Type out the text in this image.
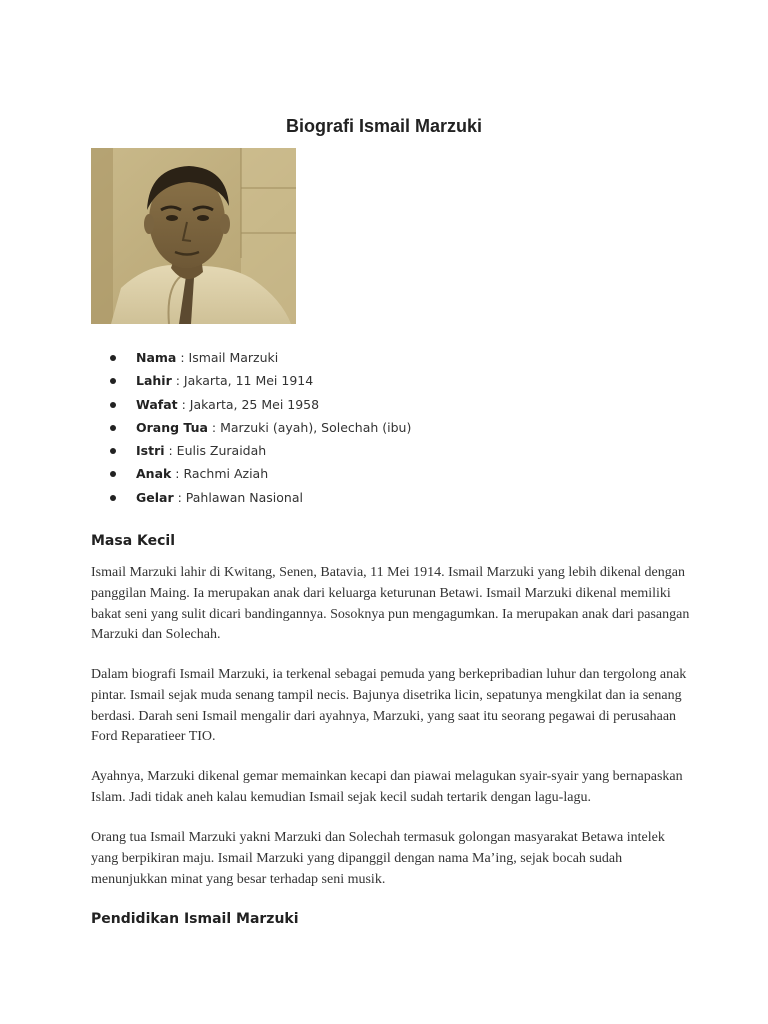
Biografi Ismail Marzuki
Nama : Ismail Marzuki
Lahir : Jakarta, 11 Mei 1914
Wafat : Jakarta, 25 Mei 1958
Orang Tua : Marzuki (ayah), Solechah (ibu)
Istri : Eulis Zuraidah
Anak : Rachmi Aziah
Gelar : Pahlawan Nasional
Masa Kecil

Ismail Marzuki lahir di Kwitang, Senen, Batavia, 11 Mei 1914. Ismail Marzuki yang lebih dikenal dengan panggilan Maing. Ia merupakan anak dari keluarga keturunan Betawi. Ismail Marzuki dikenal memiliki bakat seni yang sulit dicari bandingannya. Sosoknya pun mengagumkan. Ia merupakan anak dari pasangan Marzuki dan Solechah.

Dalam biografi Ismail Marzuki, ia terkenal sebagai pemuda yang berkepribadian luhur dan tergolong anak pintar. Ismail sejak muda senang tampil necis. Bajunya disetrika licin, sepatunya mengkilat dan ia senang berdasi. Darah seni Ismail mengalir dari ayahnya, Marzuki, yang saat itu seorang pegawai di perusahaan Ford Reparatieer TIO.

Ayahnya, Marzuki dikenal gemar memainkan kecapi dan piawai melagukan syair-syair yang bernapaskan Islam. Jadi tidak aneh kalau kemudian Ismail sejak kecil sudah tertarik dengan lagu-lagu.

Orang tua Ismail Marzuki yakni Marzuki dan Solechah termasuk golongan masyarakat Betawa intelek yang berpikiran maju. Ismail Marzuki yang dipanggil dengan nama Ma’ing, sejak bocah sudah menunjukkan minat yang besar terhadap seni musik.

Pendidikan Ismail Marzuki
